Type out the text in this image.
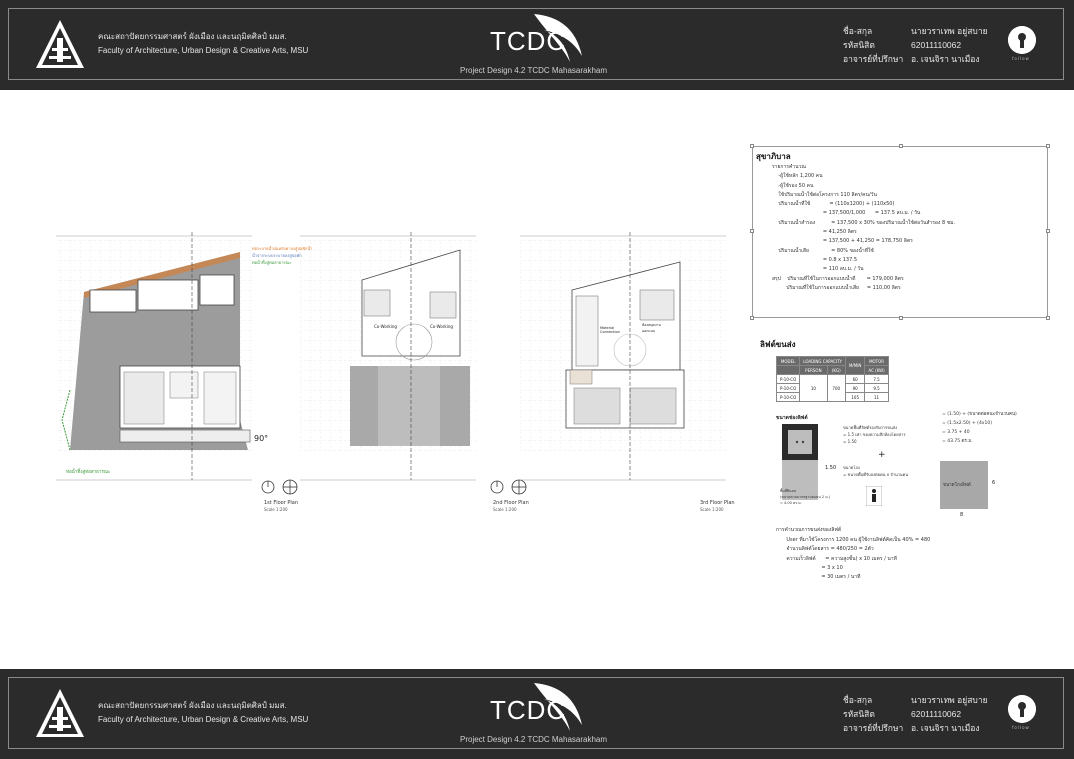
คณะสถาปัตยกรรมศาสตร์ ผังเมือง และนฤมิตศิลป์ มมส.
Faculty of Architecture, Urban Design & Creative Arts, MSU	TCDC
Project Design 4.2 TCDC Mahasarakham
ชื่อ-สกุล	นายวราเทพ อยู่สบาย
รหัสนิสิต	62011110062
อาจารย์ที่ปรึกษา อ. เจนจิรา นาเมือง	follow
1st Floor Plan	2nd Floor Plan	3rd Floor Plan
Scale 1:200	Scale 1:200	Scale 1:200
90°
Co-Working	Co-Working	Material Connection
ห้องสมุดงานออกแบบ
ท่อระบายน้ำฝนหลังคาลงสู่บ่อพักน้ำ
น้ำจากระบบระบายลงสู่บ่อพัก
ท่อน้ำทิ้งสู่ท่อสาธารณะ
ท่อน้ำทิ้งสู่ท่อสาธารณะ
สุขาภิบาล
รายการคำนวณ
-ผู้ใช้หลัก 1,200 คน
-ผู้ใช้รอง 50 คน
ใช้ปริมาณน้ำใช้ต่อโครงการ 110 ลิตร/คน/วัน
ปริมาณน้ำที่ใช้            = (110x1200) + (110x50)
= 137,500/1,000      = 137.5 ลบ.ม. / วัน
ปริมาณน้ำสำรอง          = 137,500 x 30% ของปริมาณน้ำใช้ต่อวันสำรอง 8 ชม.
= 41,250 ลิตร
= 137,500 + 41,250 = 178,750 ลิตร
ปริมาณน้ำเสีย              = 80% ของน้ำที่ใช้
= 0.8 x 137.5
= 110 ลบ.ม. / วัน
สรุป    ปริมาณที่ใช้ในการออกแบบน้ำดี       = 179,000 ลิตร
ปริมาณที่ใช้ในการออกแบบน้ำเสีย     = 110,00 ลิตร
ลิฟต์ขนส่ง
MODEL	LOADING CAPACITY		M/MIN	MOTOR
	PERSON	(KG)		AC (KW)
P-10-CO	10	700	60	7.5
P-10-CO			90	9.5
P-10-CO			105	11
ขนาดช่องลิฟต์
1.50
ขนาดพื้นที่ลิฟต์รองรับการขนส่ง
= 1.5 เท่า ของความลึกห้องโดยสาร
= 1.50
+
ขนาดโถง
= ขนาดพื้นที่รับลงต่อคน x จำนวนคน
พื้นที่ยืนคน
(ขนาดตามมาตรฐานต่อคน 2 ม.)
= 4.00 ตร.ม.
= (1.50) + (ขนาดต่อคนxจำนวนคน)
= (1.5x2.50) + (4x10)
= 3.75 + 40
= 43.75 ตร.ม.
ขนาดโถงลิฟต์
8
6
การคำนวณการขนส่งของลิฟต์
User ที่มาใช้โครงการ 1200 คน ผู้ใช้งานลิฟต์คิดเป็น 40% = 480
จำนวนลิฟต์โดยสาร = 480/250 = 2ตัว
ความเร็วลิฟต์      = ความสูงชั้น) x 10 เมตร / นาที
= 3 x 10
= 30 เมตร / นาที
คณะสถาปัตยกรรมศาสตร์ ผังเมือง และนฤมิตศิลป์ มมส.
Faculty of Architecture, Urban Design & Creative Arts, MSU	TCDC
Project Design 4.2 TCDC Mahasarakham
ชื่อ-สกุล	นายวราเทพ อยู่สบาย
รหัสนิสิต	62011110062
อาจารย์ที่ปรึกษา อ. เจนจิรา นาเมือง	follow
